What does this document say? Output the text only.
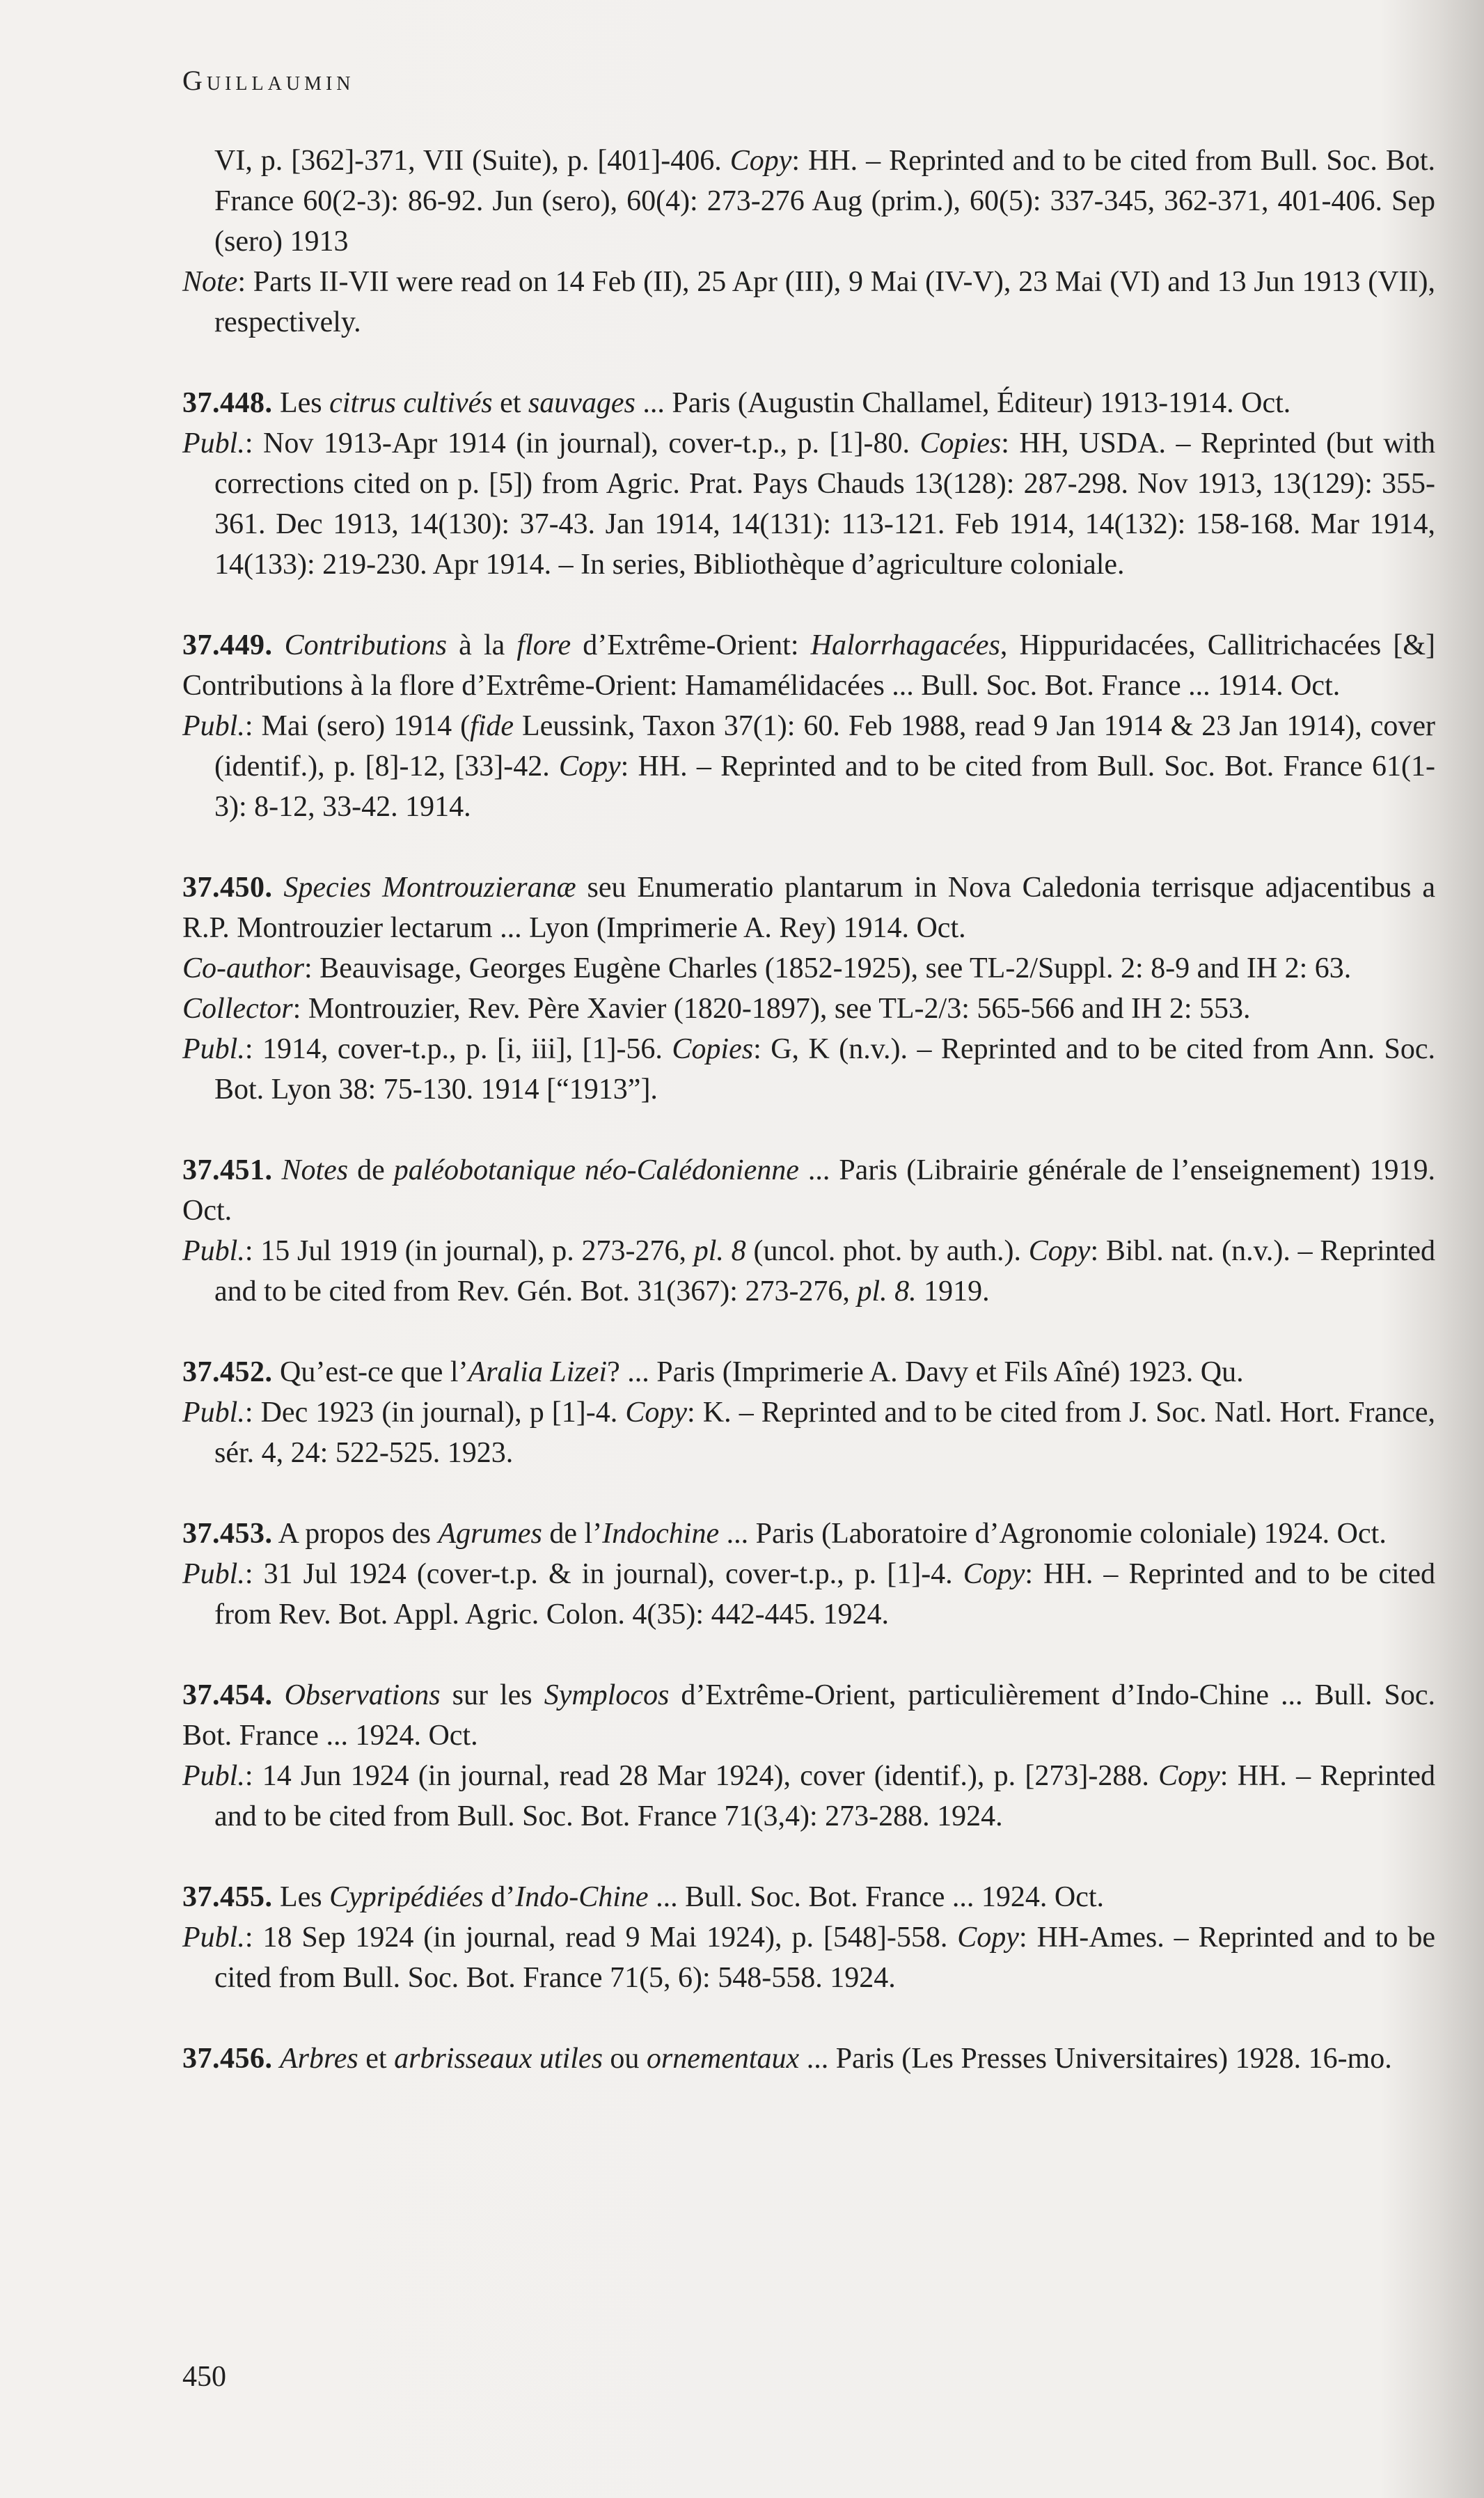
Guillaumin
VI, p. [362]-371, VII (Suite), p. [401]-406. Copy: HH. – Reprinted and to be cited from Bull. Soc. Bot. France 60(2-3): 86-92. Jun (sero), 60(4): 273-276 Aug (prim.), 60(5): 337-345, 362-371, 401-406. Sep (sero) 1913
Note: Parts II-VII were read on 14 Feb (II), 25 Apr (III), 9 Mai (IV-V), 23 Mai (VI) and 13 Jun 1913 (VII), respectively.
37.448. Les citrus cultivés et sauvages ... Paris (Augustin Challamel, Éditeur) 1913-1914. Oct.
Publ.: Nov 1913-Apr 1914 (in journal), cover-t.p., p. [1]-80. Copies: HH, USDA. – Reprinted (but with corrections cited on p. [5]) from Agric. Prat. Pays Chauds 13(128): 287-298. Nov 1913, 13(129): 355-361. Dec 1913, 14(130): 37-43. Jan 1914, 14(131): 113-121. Feb 1914, 14(132): 158-168. Mar 1914, 14(133): 219-230. Apr 1914. – In series, Bibliothèque d’agriculture coloniale.
37.449. Contributions à la flore d’Extrême-Orient: Halorrhagacées, Hippuridacées, Callitrichacées [&] Contributions à la flore d’Extrême-Orient: Hamamélidacées ... Bull. Soc. Bot. France ... 1914. Oct.
Publ.: Mai (sero) 1914 (fide Leussink, Taxon 37(1): 60. Feb 1988, read 9 Jan 1914 & 23 Jan 1914), cover (identif.), p. [8]-12, [33]-42. Copy: HH. – Reprinted and to be cited from Bull. Soc. Bot. France 61(1-3): 8-12, 33-42. 1914.
37.450. Species Montrouzieranæ seu Enumeratio plantarum in Nova Caledonia terrisque adjacentibus a R.P. Montrouzier lectarum ... Lyon (Imprimerie A. Rey) 1914. Oct.
Co-author: Beauvisage, Georges Eugène Charles (1852-1925), see TL-2/Suppl. 2: 8-9 and IH 2: 63.
Collector: Montrouzier, Rev. Père Xavier (1820-1897), see TL-2/3: 565-566 and IH 2: 553.
Publ.: 1914, cover-t.p., p. [i, iii], [1]-56. Copies: G, K (n.v.). – Reprinted and to be cited from Ann. Soc. Bot. Lyon 38: 75-130. 1914 [“1913”].
37.451. Notes de paléobotanique néo-Calédonienne ... Paris (Librairie générale de l’enseignement) 1919. Oct.
Publ.: 15 Jul 1919 (in journal), p. 273-276, pl. 8 (uncol. phot. by auth.). Copy: Bibl. nat. (n.v.). – Reprinted and to be cited from Rev. Gén. Bot. 31(367): 273-276, pl. 8. 1919.
37.452. Qu’est-ce que l’Aralia Lizei? ... Paris (Imprimerie A. Davy et Fils Aîné) 1923. Qu.
Publ.: Dec 1923 (in journal), p [1]-4. Copy: K. – Reprinted and to be cited from J. Soc. Natl. Hort. France, sér. 4, 24: 522-525. 1923.
37.453. A propos des Agrumes de l’Indochine ... Paris (Laboratoire d’Agronomie coloniale) 1924. Oct.
Publ.: 31 Jul 1924 (cover-t.p. & in journal), cover-t.p., p. [1]-4. Copy: HH. – Reprinted and to be cited from Rev. Bot. Appl. Agric. Colon. 4(35): 442-445. 1924.
37.454. Observations sur les Symplocos d’Extrême-Orient, particulièrement d’Indo-Chine ... Bull. Soc. Bot. France ... 1924. Oct.
Publ.: 14 Jun 1924 (in journal, read 28 Mar 1924), cover (identif.), p. [273]-288. Copy: HH. – Reprinted and to be cited from Bull. Soc. Bot. France 71(3,4): 273-288. 1924.
37.455. Les Cypripédiées d’Indo-Chine ... Bull. Soc. Bot. France ... 1924. Oct.
Publ.: 18 Sep 1924 (in journal, read 9 Mai 1924), p. [548]-558. Copy: HH-Ames. – Reprinted and to be cited from Bull. Soc. Bot. France 71(5, 6): 548-558. 1924.
37.456. Arbres et arbrisseaux utiles ou ornementaux ... Paris (Les Presses Universitaires) 1928. 16-mo.
450
